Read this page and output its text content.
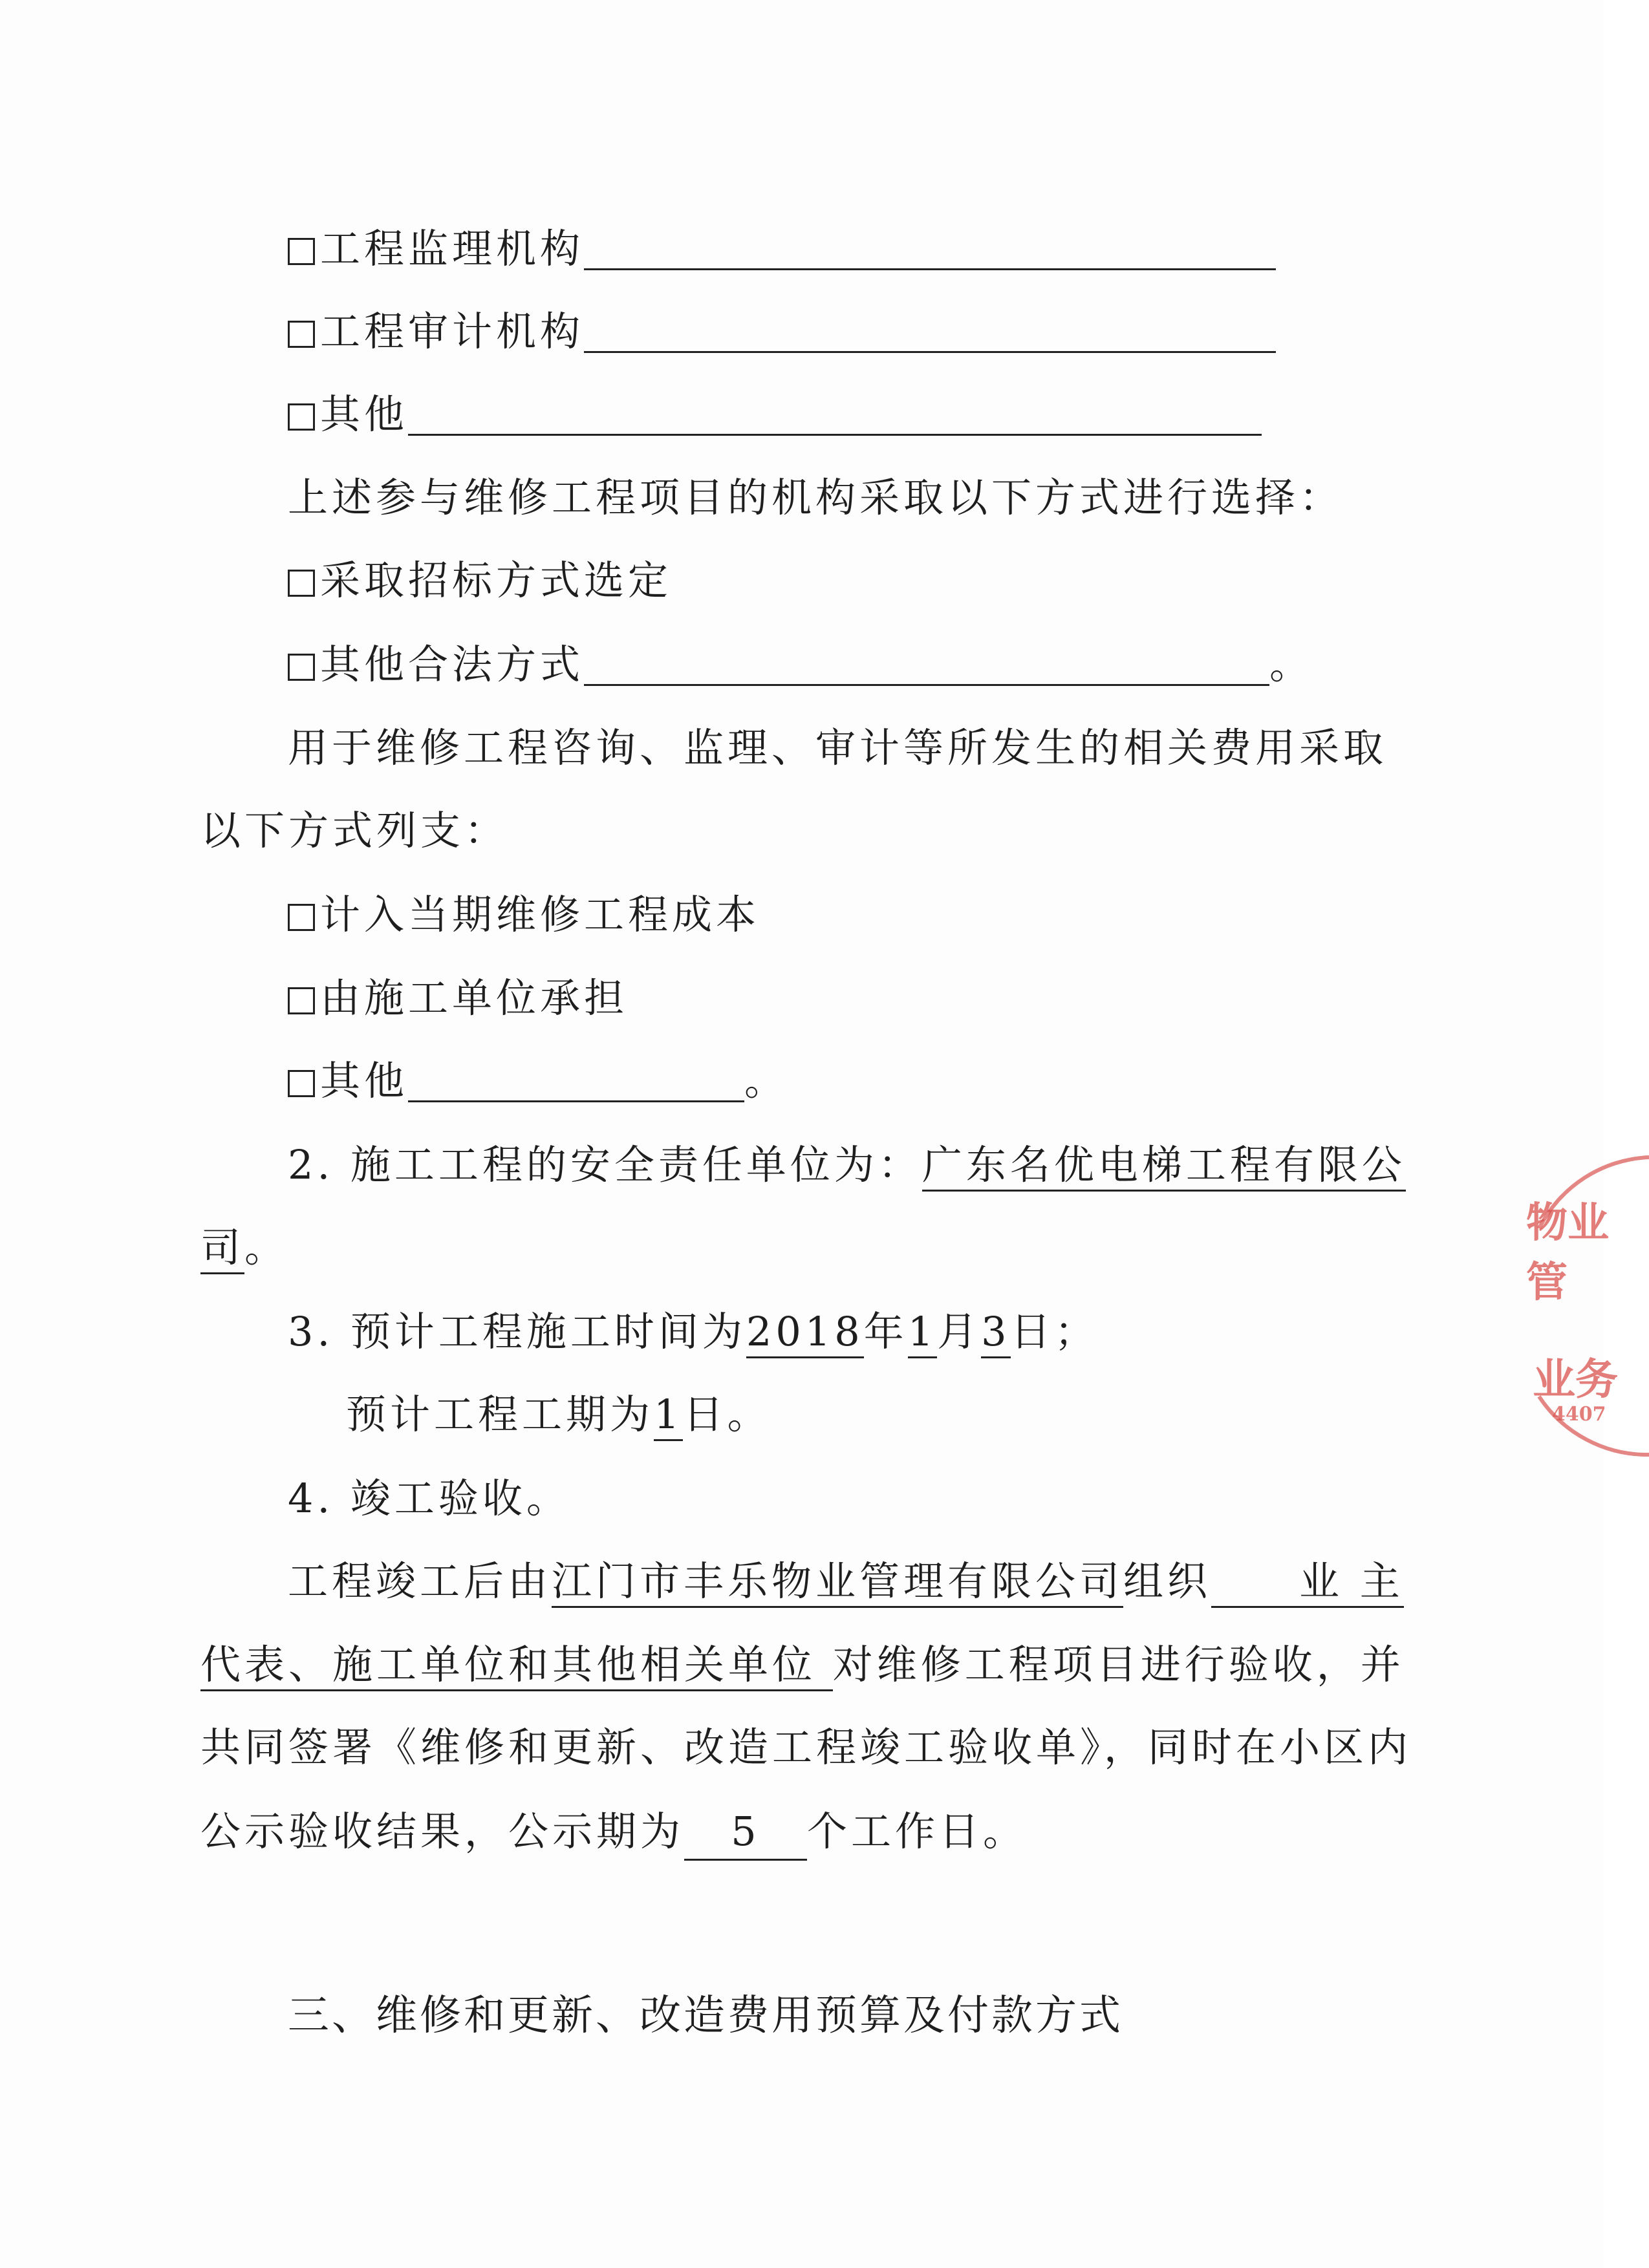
工程监理机构
工程审计机构
其他
上述参与维修工程项目的机构采取以下方式进行选择：
采取招标方式选定
其他合法方式	。
用于维修工程咨询、监理、审计等所发生的相关费用采取
以下方式列支：
计入当期维修工程成本
由施工单位承担
其他	。
2. 施工工程的安全责任单位为：广东名优电梯工程有限公
司。
3. 预计工程施工时间为2018年1月3日；
预计工程工期为1日。
4. 竣工验收。
工程竣工后由江门市丰乐物业管理有限公司组织　　业 主
代表、施工单位和其他相关单位 对维修工程项目进行验收，并
共同签署《维修和更新、改造工程竣工验收单》，同时在小区内
公示验收结果，公示期为 5 个工作日。
三、维修和更新、改造费用预算及付款方式
物业管
业务
4407
